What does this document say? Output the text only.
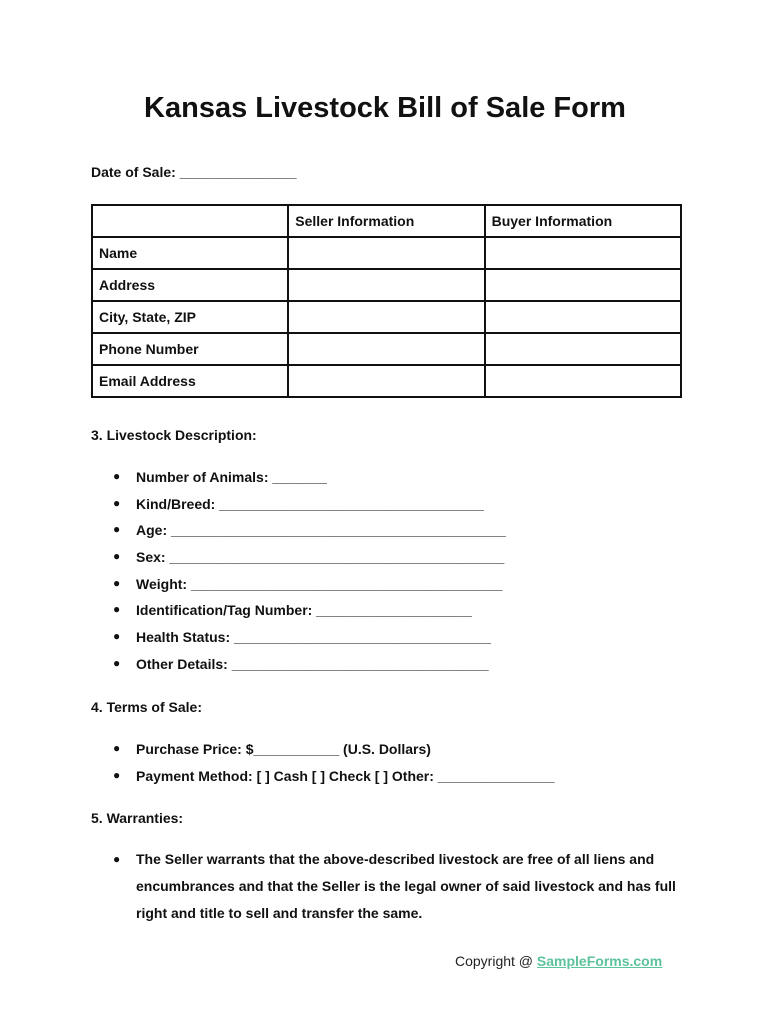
Kansas Livestock Bill of Sale Form
Date of Sale: _______________
	Seller Information	Buyer Information
Name		
Address		
City, State, ZIP		
Phone Number		
Email Address		
3. Livestock Description:
● Number of Animals: _______
● Kind/Breed: __________________________________
● Age: ___________________________________________
● Sex: ___________________________________________
● Weight: ________________________________________
● Identification/Tag Number: ____________________
● Health Status: _________________________________
● Other Details: _________________________________
4. Terms of Sale:
● Purchase Price: $___________ (U.S. Dollars)
● Payment Method: [ ] Cash [ ] Check [ ] Other: _______________
5. Warranties:
● The Seller warrants that the above-described livestock are free of all liens and encumbrances and that the Seller is the legal owner of said livestock and has full right and title to sell and transfer the same.
Copyright @ SampleForms.com
